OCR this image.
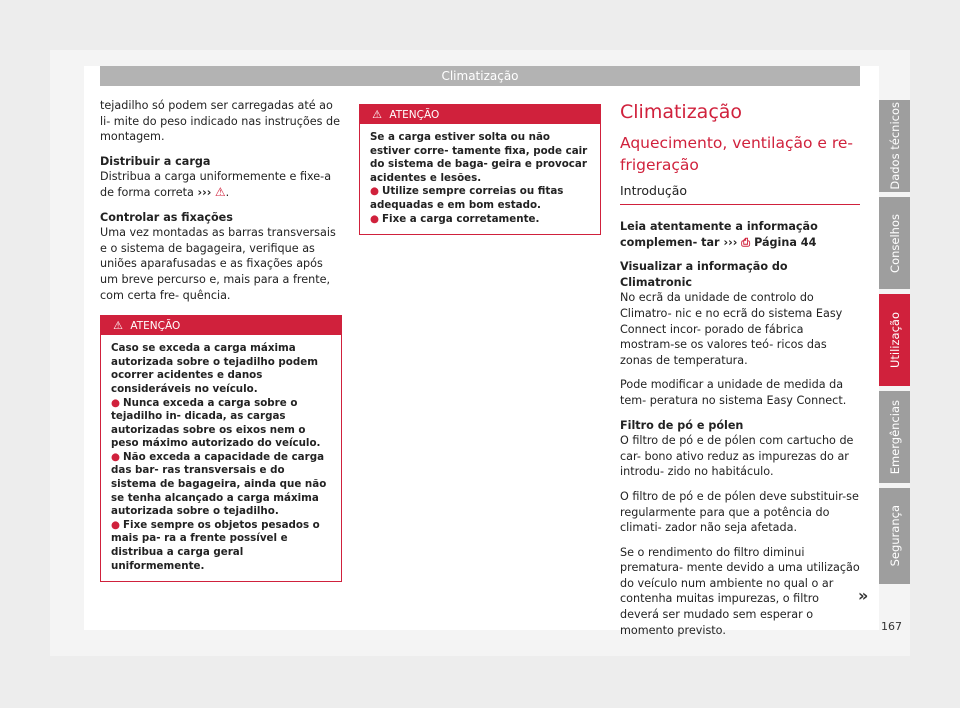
Climatização

tejadilho só podem ser carregadas até ao li- mite do peso indicado nas instruções de montagem.

Distribuir a carga
Distribua a carga uniformemente e fixe-a de forma correta ››› ⚠.

Controlar as fixações
Uma vez montadas as barras transversais e o sistema de bagageira, verifique as uniões aparafusadas e as fixações após um breve percurso e, mais para a frente, com certa fre- quência.

⚠ ATENÇÃO

Caso se exceda a carga máxima autorizada sobre o tejadilho podem ocorrer acidentes e danos consideráveis no veículo.

● Nunca exceda a carga sobre o tejadilho in- dicada, as cargas autorizadas sobre os eixos nem o peso máximo autorizado do veículo.

● Não exceda a capacidade de carga das bar- ras transversais e do sistema de bagageira, ainda que não se tenha alcançado a carga máxima autorizada sobre o tejadilho.

● Fixe sempre os objetos pesados o mais pa- ra a frente possível e distribua a carga geral uniformemente.

⚠ ATENÇÃO

Se a carga estiver solta ou não estiver corre- tamente fixa, pode cair do sistema de baga- geira e provocar acidentes e lesões.

● Utilize sempre correias ou fitas adequadas e em bom estado.

● Fixe a carga corretamente.

Climatização
Aquecimento, ventilação e re- frigeração
Introdução

Leia atentamente a informação complemen- tar ››› ⎙ Página 44

Visualizar a informação do Climatronic
No ecrã da unidade de controlo do Climatro- nic e no ecrã do sistema Easy Connect incor- porado de fábrica mostram-se os valores teó- ricos das zonas de temperatura.

Pode modificar a unidade de medida da tem- peratura no sistema Easy Connect.

Filtro de pó e pólen
O filtro de pó e de pólen com cartucho de car- bono ativo reduz as impurezas do ar introdu- zido no habitáculo.

O filtro de pó e de pólen deve substituir-se regularmente para que a potência do climati- zador não seja afetada.

Se o rendimento do filtro diminui prematura- mente devido a uma utilização do veículo num ambiente no qual o ar contenha muitas impurezas, o filtro deverá ser mudado sem esperar o momento previsto.

»
Dados técnicos
Conselhos
Utilização
Emergências
Segurança
167
